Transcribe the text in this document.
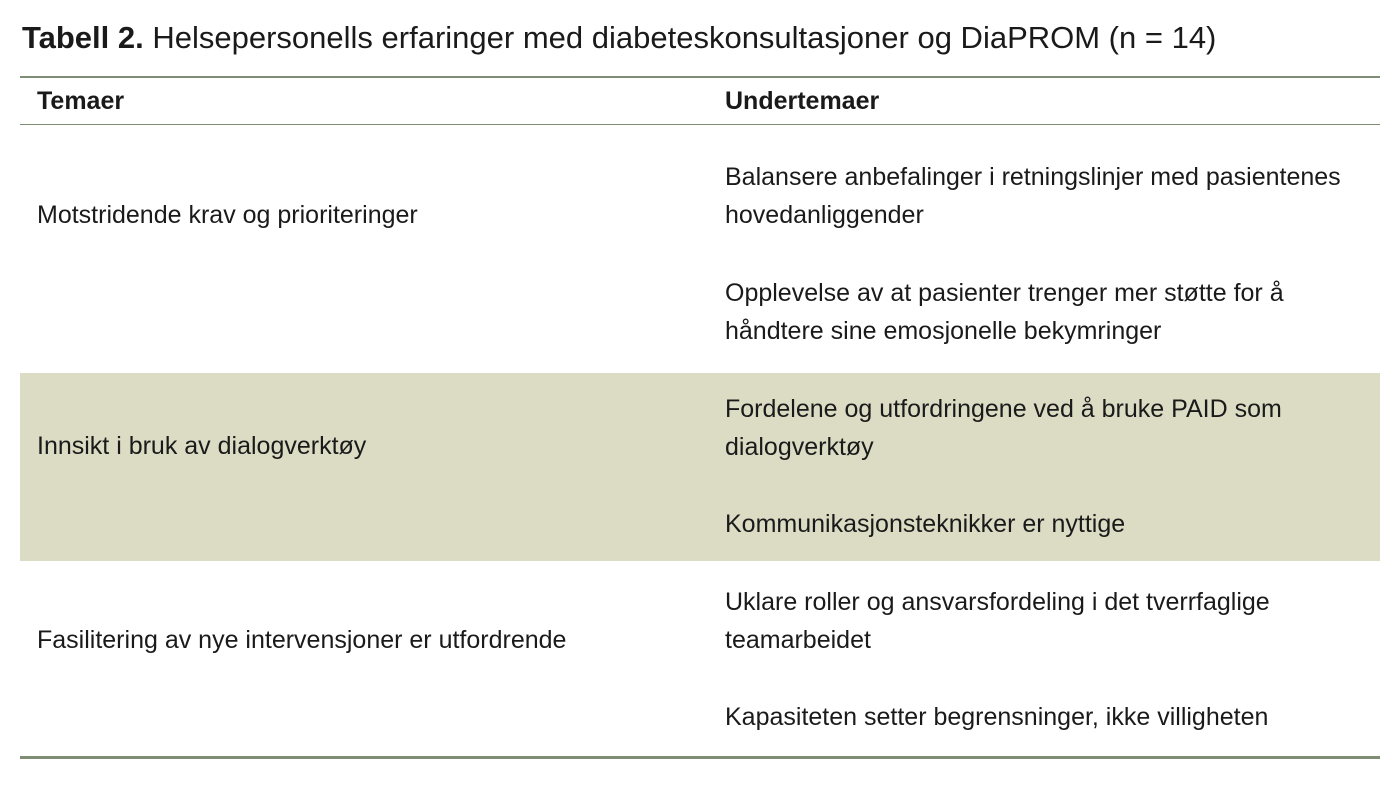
Tabell 2. Helsepersonells erfaringer med diabeteskonsultasjoner og DiaPROM (n = 14)
Temaer	Undertemaer
Motstridende krav og prioriteringer
Balansere anbefalinger i retningslinjer med pasientenes hovedanliggender
Opplevelse av at pasienter trenger mer støtte for å håndtere sine emosjonelle bekymringer
Innsikt i bruk av dialogverktøy
Fordelene og utfordringene ved å bruke PAID som dialogverktøy
Kommunikasjonsteknikker er nyttige
Fasilitering av nye intervensjoner er utfordrende
Uklare roller og ansvarsfordeling i det tverrfaglige teamarbeidet
Kapasiteten setter begrensninger, ikke villigheten
